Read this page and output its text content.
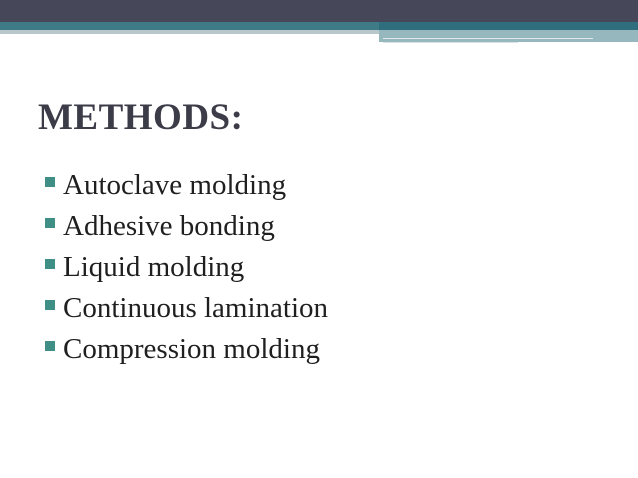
METHODS:
Autoclave molding
Adhesive bonding
Liquid molding
Continuous lamination
Compression molding
